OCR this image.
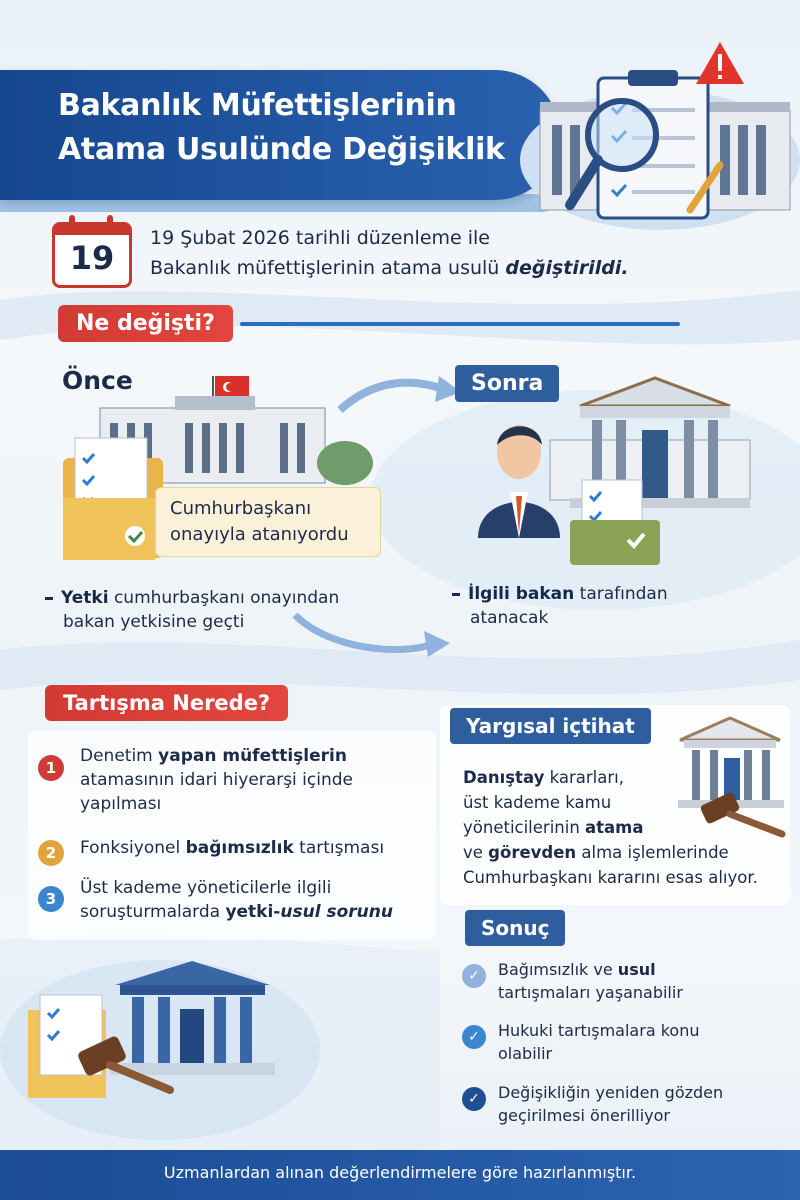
Bakanlık Müfettişlerinin
Atama Usulünde Değişiklik
19
19 Şubat 2026 tarihli düzenleme ile
Bakanlık müfettişlerinin atama usulü değiştirildi.
Ne değişti?
Önce
Cumhurbaşkanı
onayıyla atanıyordu
Sonra
Yetki cumhurbaşkanı onayından
bakan yetkisine geçti
İlgili bakan tarafından
atanacak
Tartışma Nerede?
1
Denetim yapan müfettişlerin
atamasının idari hiyerarşi içinde
yapılması
2	Fonksiyonel bağımsızlık tartışması
3
Üst kademe yöneticilerle ilgili
soruşturmalarda yetki-usul sorunu
Yargısal içtihat
Danıştay kararları,
üst kademe kamu
yöneticilerinin atama
ve görevden alma işlemlerinde
Cumhurbaşkanı kararını esas alıyor.
Sonuç
✓	Bağımsızlık ve usul
tartışmaları yaşanabilir
✓	Hukuki tartışmalara konu
olabilir
✓	Değişikliğin yeniden gözden
geçirilmesi önerilliyor
Uzmanlardan alınan değerlendirmelere göre hazırlanmıştır.
